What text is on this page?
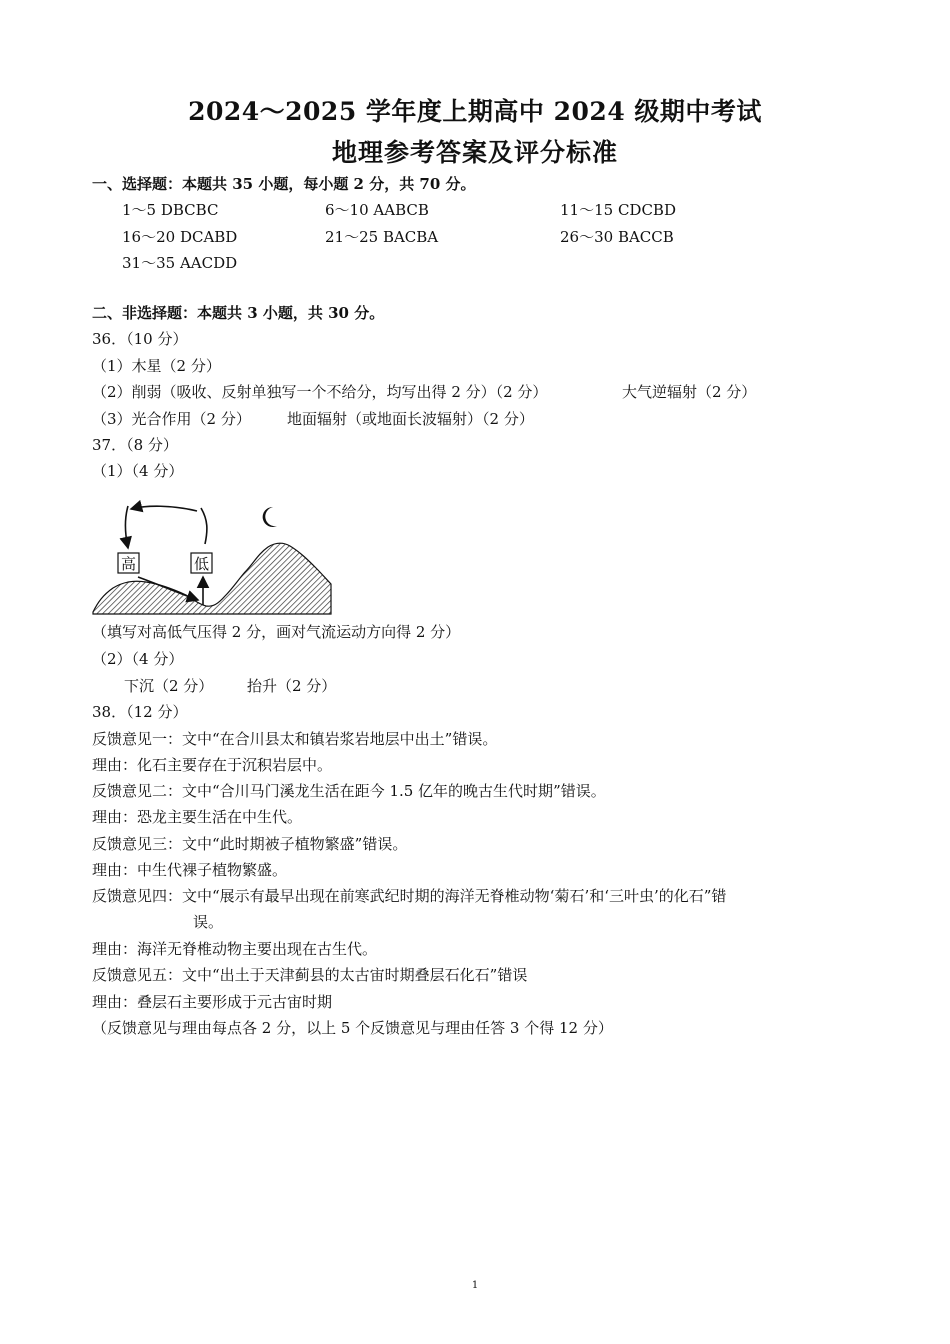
2024～2025 学年度上期高中 2024 级期中考试
地理参考答案及评分标准
一、选择题：本题共 35 小题，每小题 2 分，共 70 分。
1～5 DBCBC	6～10 AABCB	11～15 CDCBD
16～20 DCABD	21～25 BACBA	26～30 BACCB
31～35 AACDD
二、非选择题：本题共 3 小题，共 30 分。
36．（10 分）
（1）木星（2 分）
（2）削弱（吸收、反射单独写一个不给分，均写出得 2 分）（2 分）	大气逆辐射（2 分）
（3）光合作用（2 分） 地面辐射（或地面长波辐射）（2 分）
37．（8 分）
（1）（4 分）
高	低
（填写对高低气压得 2 分，画对气流运动方向得 2 分）
（2）（4 分）
下沉（2 分） 抬升（2 分）
38．（12 分）
反馈意见一：文中“在合川县太和镇岩浆岩地层中出土”错误。
理由：化石主要存在于沉积岩层中。
反馈意见二：文中“合川马门溪龙生活在距今 1.5 亿年的晚古生代时期”错误。
理由：恐龙主要生活在中生代。
反馈意见三：文中“此时期被子植物繁盛”错误。
理由：中生代裸子植物繁盛。
反馈意见四：文中“展示有最早出现在前寒武纪时期的海洋无脊椎动物‘菊石’和‘三叶虫’的化石”错
误。
理由：海洋无脊椎动物主要出现在古生代。
反馈意见五：文中“出土于天津蓟县的太古宙时期叠层石化石”错误
理由：叠层石主要形成于元古宙时期
（反馈意见与理由每点各 2 分，以上 5 个反馈意见与理由任答 3 个得 12 分）
1
